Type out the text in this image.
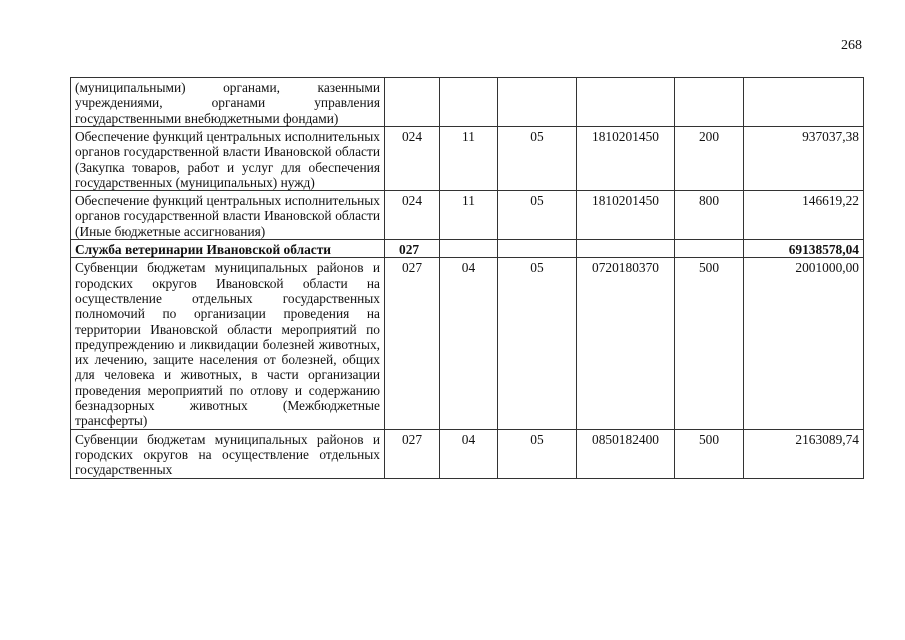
268
(муниципальными) органами, казенными учреждениями, органами управления государственными внебюджетными фондами)						
Обеспечение функций центральных исполнительных органов государственной власти Ивановской области (Закупка товаров, работ и услуг для обеспечения государственных (муниципальных) нужд)	024	11	05	1810201450	200	937037,38
Обеспечение функций центральных исполнительных органов государственной власти Ивановской области (Иные бюджетные ассигнования)	024	11	05	1810201450	800	146619,22
Служба ветеринарии Ивановской области	027					69138578,04
Субвенции бюджетам муниципальных районов и городских округов Ивановской области на осуществление отдельных государственных полномочий по организации проведения на территории Ивановской области мероприятий по предупреждению и ликвидации болезней животных, их лечению, защите населения от болезней, общих для человека и животных, в части организации проведения мероприятий по отлову и содержанию безнадзорных животных (Межбюджетные трансферты)	027	04	05	0720180370	500	2001000,00
Субвенции бюджетам муниципальных районов и городских округов на осуществление отдельных государственных	027	04	05	0850182400	500	2163089,74
